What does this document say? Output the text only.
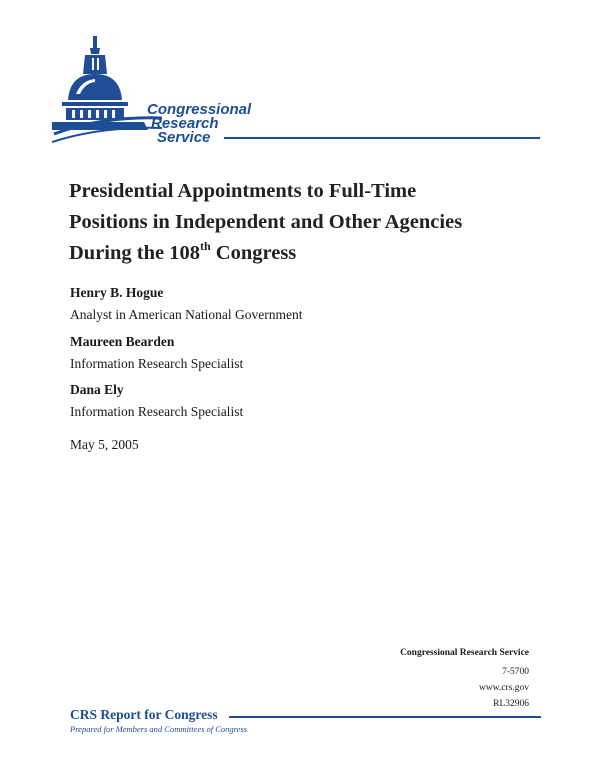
Congressional
Research
Service
Presidential Appointments to Full-Time
Positions in Independent and Other Agencies
During the 108th Congress
Henry B. Hogue
Analyst in American National Government
Maureen Bearden
Information Research Specialist
Dana Ely
Information Research Specialist
May 5, 2005
Congressional Research Service
7-5700
www.crs.gov
RL32906
CRS Report for Congress
Prepared for Members and Committees of Congress
